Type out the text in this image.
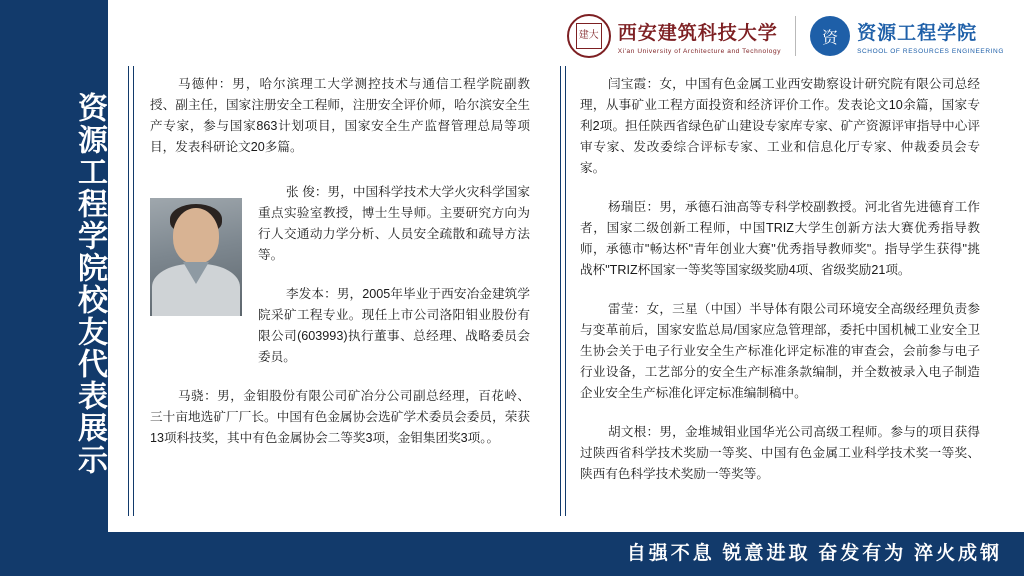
资源工程学院校友代表展示
建大 西安建筑科技大学
Xi'an University of Architecture and Technology
资	资源工程学院
SCHOOL OF RESOURCES ENGINEERING
马德仲：男，哈尔滨理工大学测控技术与通信工程学院副教授、副主任，国家注册安全工程师，注册安全评价师，哈尔滨安全生产专家，参与国家863计划项目，国家安全生产监督管理总局等项目，发表科研论文20多篇。
张 俊：男，中国科学技术大学火灾科学国家重点实验室教授，博士生导师。主要研究方向为行人交通动力学分析、人员安全疏散和疏导方法等。
李发本：男，2005年毕业于西安冶金建筑学院采矿工程专业。现任上市公司洛阳钼业股份有限公司(603993)执行董事、总经理、战略委员会委员。
马骁：男，金钼股份有限公司矿冶分公司副总经理，百花岭、三十亩地选矿厂厂长。中国有色金属协会选矿学术委员会委员，荣获13项科技奖，其中有色金属协会二等奖3项，金钼集团奖3项。。
闫宝霞：女，中国有色金属工业西安勘察设计研究院有限公司总经理，从事矿业工程方面投资和经济评价工作。发表论文10余篇，国家专利2项。担任陕西省绿色矿山建设专家库专家、矿产资源评审指导中心评审专家、发改委综合评标专家、工业和信息化厅专家、仲裁委员会专家。
杨瑞臣：男，承德石油高等专科学校副教授。河北省先进德育工作者，国家二级创新工程师，中国TRIZ大学生创新方法大赛优秀指导教师，承德市"畅达杯"青年创业大赛"优秀指导教师奖"。指导学生获得"挑战杯"TRIZ杯国家一等奖等国家级奖励4项、省级奖励21项。
雷莹：女，三星（中国）半导体有限公司环境安全高级经理负责参与变革前后，国家安监总局/国家应急管理部，委托中国机械工业安全卫生协会关于电子行业安全生产标准化评定标准的审查会，会前参与电子行业设备，工艺部分的安全生产标准条款编制，并全数被录入电子制造企业安全生产标准化评定标准编制稿中。
胡文根：男，金堆城钼业国华光公司高级工程师。参与的项目获得过陕西省科学技术奖励一等奖、中国有色金属工业科学技术奖一等奖、陕西有色科学技术奖励一等奖等。
自强不息 锐意进取 奋发有为 淬火成钢
